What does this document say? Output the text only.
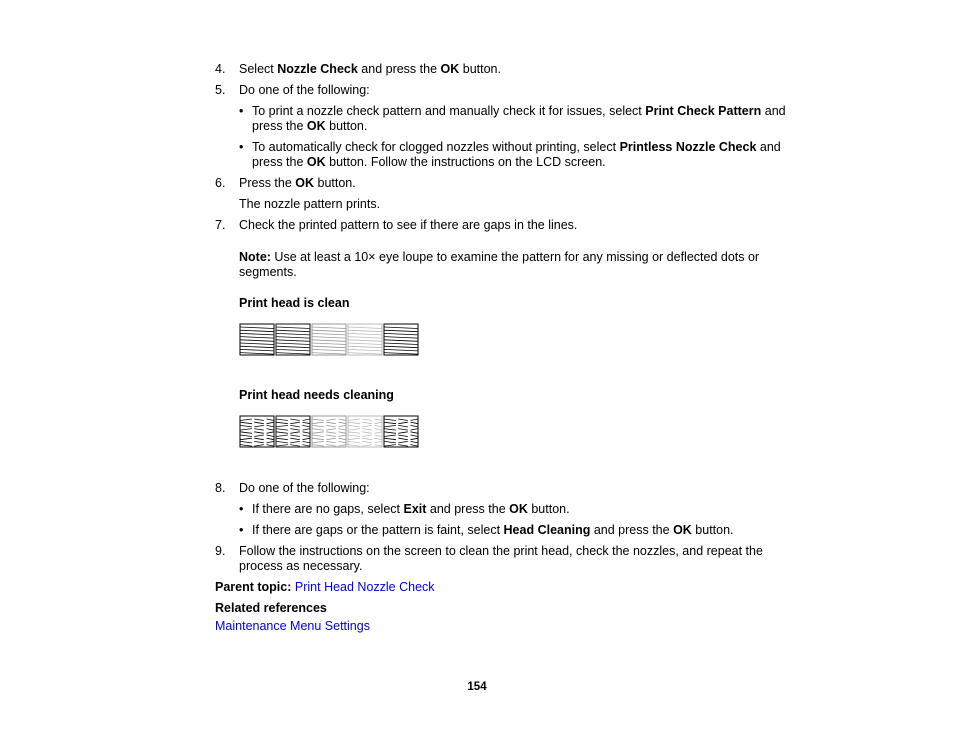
4.	Select Nozzle Check and press the OK button.
5. Do one of the following:
• To print a nozzle check pattern and manually check it for issues, select Print Check Pattern and
press the OK button.
• To automatically check for clogged nozzles without printing, select Printless Nozzle Check and
press the OK button. Follow the instructions on the LCD screen.
6. Press the OK button.
The nozzle pattern prints.
7. Check the printed pattern to see if there are gaps in the lines.
Note: Use at least a 10× eye loupe to examine the pattern for any missing or deflected dots or
segments.
Print head is clean
Print head needs cleaning
8. Do one of the following:
• If there are no gaps, select Exit and press the OK button.
• If there are gaps or the pattern is faint, select Head Cleaning and press the OK button.
9. Follow the instructions on the screen to clean the print head, check the nozzles, and repeat the
process as necessary.
Parent topic: Print Head Nozzle Check
Related references
Maintenance Menu Settings
154
